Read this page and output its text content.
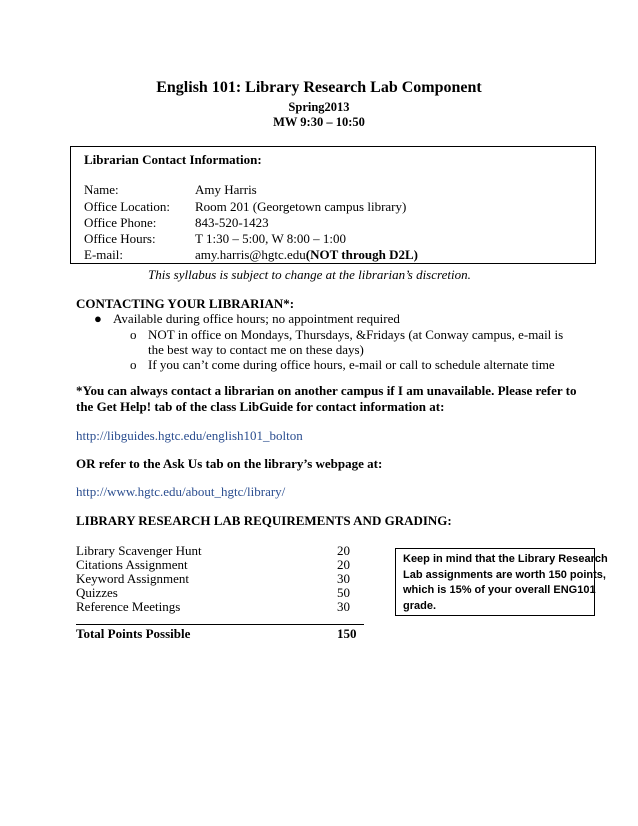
English 101: Library Research Lab Component
Spring2013
MW 9:30 – 10:50
Librarian Contact Information:
Name:	Amy Harris
Office Location: Room 201 (Georgetown campus library)
Office Phone:	843-520-1423
Office Hours:	T 1:30 – 5:00, W 8:00 – 1:00
E-mail:	amy.harris@hgtc.edu(NOT through D2L)
This syllabus is subject to change at the librarian’s discretion.
CONTACTING YOUR LIBRARIAN*:
● Available during office hours; no appointment required
o NOT in office on Mondays, Thursdays, &Fridays (at Conway campus, e-mail is
the best way to contact me on these days)
o If you can’t come during office hours, e-mail or call to schedule alternate time
*You can always contact a librarian on another campus if I am unavailable. Please refer to
the Get Help! tab of the class LibGuide for contact information at:
http://libguides.hgtc.edu/english101_bolton
OR refer to the Ask Us tab on the library’s webpage at:
http://www.hgtc.edu/about_hgtc/library/
LIBRARY RESEARCH LAB REQUIREMENTS AND GRADING:
Library Scavenger Hunt	20
Citations Assignment	20
Keyword Assignment	30
Quizzes	50
Reference Meetings	30
Total Points Possible	150
Keep in mind that the Library Research
Lab assignments are worth 150 points,
which is 15% of your overall ENG101
grade.
